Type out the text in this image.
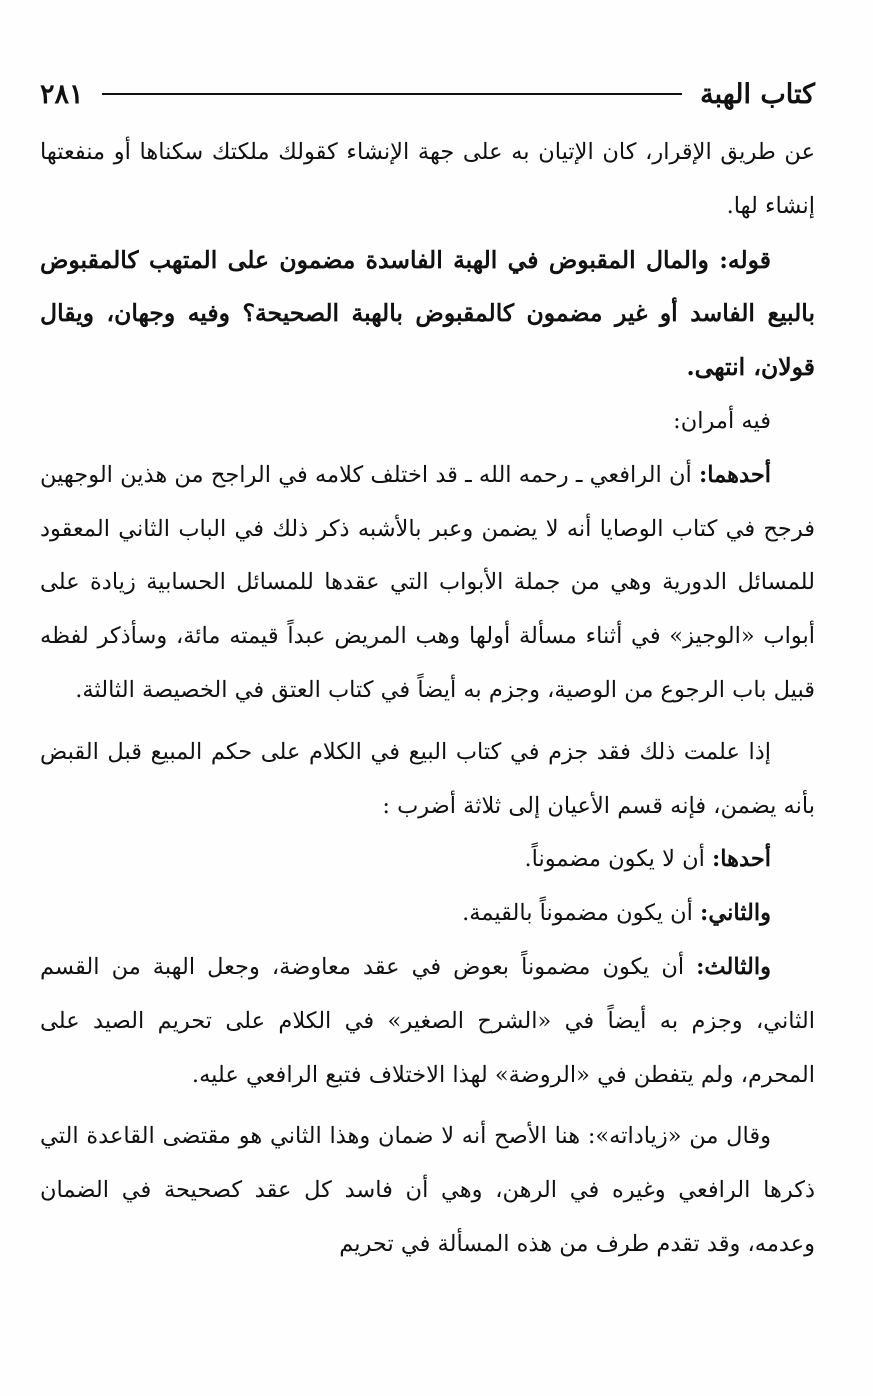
كتاب الهبة
٢٨١

عن طريق الإقرار، كان الإتيان به على جهة الإنشاء كقولك ملكتك سكناها أو منفعتها إنشاء لها.

قوله: والمال المقبوض في الهبة الفاسدة مضمون على المتهب كالمقبوض بالبيع الفاسد أو غير مضمون كالمقبوض بالهبة الصحيحة؟ وفيه وجهان، ويقال قولان، انتهى.

فيه أمران:

أحدهما: أن الرافعي ـ رحمه الله ـ قد اختلف كلامه في الراجح من هذين الوجهين فرجح في كتاب الوصايا أنه لا يضمن وعبر بالأشبه ذكر ذلك في الباب الثاني المعقود للمسائل الدورية وهي من جملة الأبواب التي عقدها للمسائل الحسابية زيادة على أبواب «الوجيز» في أثناء مسألة أولها وهب المريض عبداً قيمته مائة، وسأذكر لفظه قبيل باب الرجوع من الوصية، وجزم به أيضاً في كتاب العتق في الخصيصة الثالثة.

إذا علمت ذلك فقد جزم في كتاب البيع في الكلام على حكم المبيع قبل القبض بأنه يضمن، فإنه قسم الأعيان إلى ثلاثة أضرب :

أحدها: أن لا يكون مضموناً.

والثاني: أن يكون مضموناً بالقيمة.

والثالث: أن يكون مضموناً بعوض في عقد معاوضة، وجعل الهبة من القسم الثاني، وجزم به أيضاً في «الشرح الصغير» في الكلام على تحريم الصيد على المحرم، ولم يتفطن في «الروضة» لهذا الاختلاف فتبع الرافعي عليه.

وقال من «زياداته»: هنا الأصح أنه لا ضمان وهذا الثاني هو مقتضى القاعدة التي ذكرها الرافعي وغيره في الرهن، وهي أن فاسد كل عقد كصحيحة في الضمان وعدمه، وقد تقدم طرف من هذه المسألة في تحريم
